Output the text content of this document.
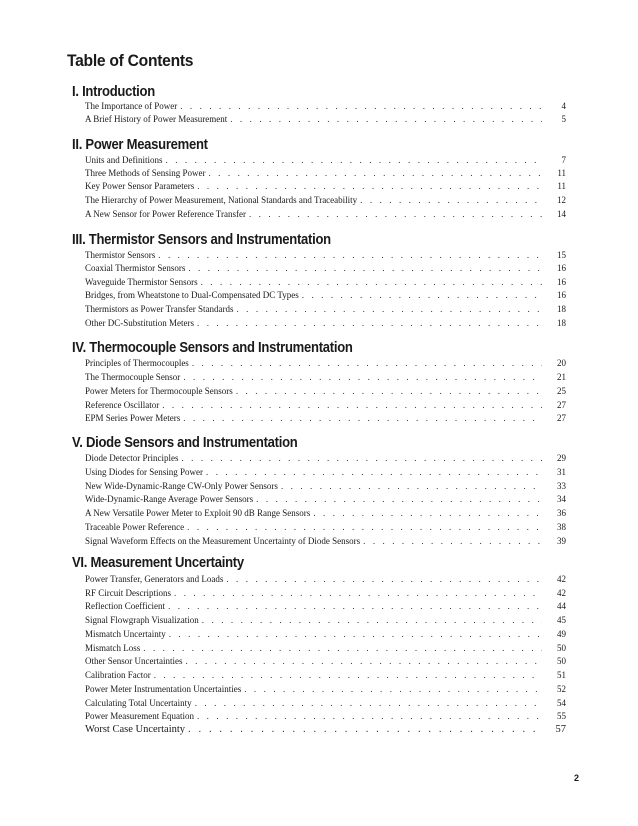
Table of Contents
I. Introduction
The Importance of Power . . .	4
A Brief History of Power Measurement . . .	5
II. Power Measurement
Units and Definitions . . .	7
Three Methods of Sensing Power . . .	11
Key Power Sensor Parameters . . .	11
The Hierarchy of Power Measurement, National Standards and Traceability . . .	12
A New Sensor for Power Reference Transfer . . .	14
III. Thermistor Sensors and Instrumentation
Thermistor Sensors . . .	15
Coaxial Thermistor Sensors . . .	16
Waveguide Thermistor Sensors . . .	16
Bridges, from Wheatstone to Dual-Compensated DC Types . . .	16
Thermistors as Power Transfer Standards . . .	18
Other DC-Substitution Meters . . .	18
IV. Thermocouple Sensors and Instrumentation
Principles of Thermocouples . . .	20
The Thermocouple Sensor . . .	21
Power Meters for Thermocouple Sensors . . .	25
Reference Oscillator . . .	27
EPM Series Power Meters . . .	27
V. Diode Sensors and Instrumentation
Diode Detector Principles . . .	29
Using Diodes for Sensing Power . . .	31
New Wide-Dynamic-Range CW-Only Power Sensors . . .	33
Wide-Dynamic-Range Average Power Sensors . . .	34
A New Versatile Power Meter to Exploit 90 dB Range Sensors . . .	36
Traceable Power Reference . . .	38
Signal Waveform Effects on the Measurement Uncertainty of Diode Sensors . . .	39
VI. Measurement Uncertainty
Power Transfer, Generators and Loads . . .	42
RF Circuit Descriptions . . .	42
Reflection Coefficient . . .	44
Signal Flowgraph Visualization . . .	45
Mismatch Uncertainty . . .	49
Mismatch Loss . . .	50
Other Sensor Uncertainties . . .	50
Calibration Factor . . .	51
Power Meter Instrumentation Uncertainties . . .	52
Calculating Total Uncertainty . . .	54
Power Measurement Equation . . .	55
Worst Case Uncertainty . . .	57
2
